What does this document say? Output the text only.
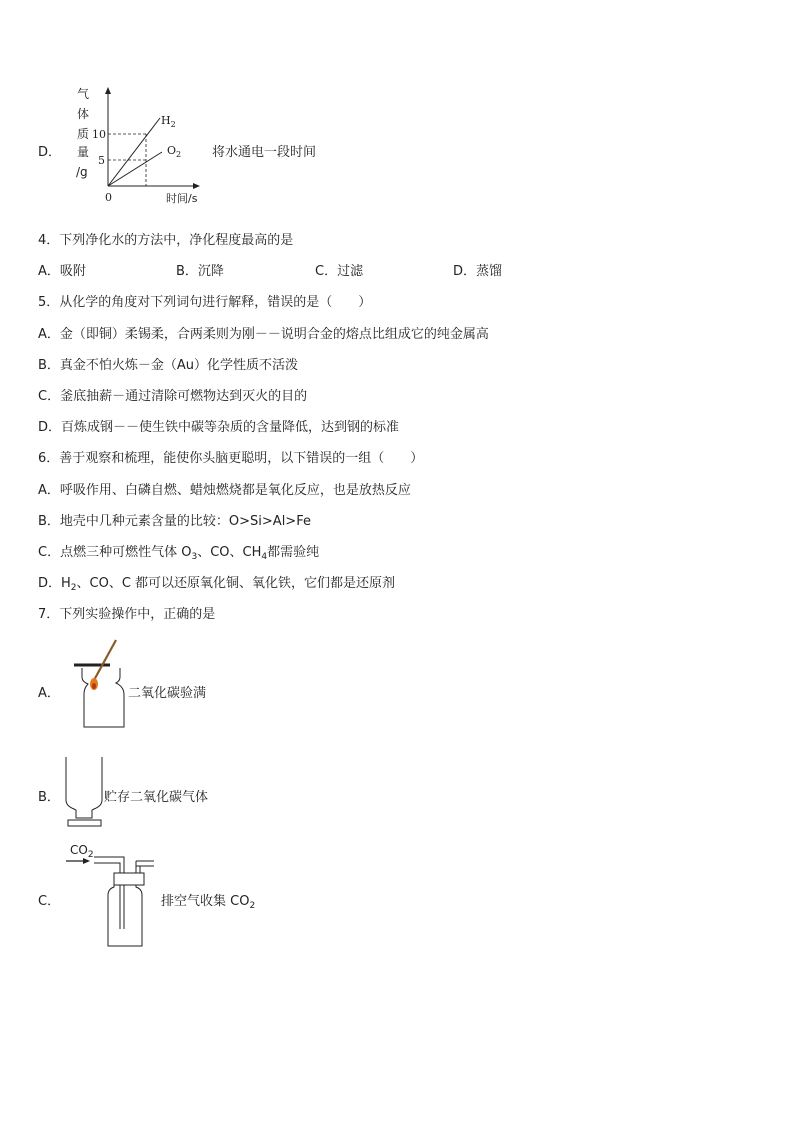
D．
气
体
质
量
/g
10
5
0	时间/s
$H_2$
$O_2$ 将水通电一段时间
4．下列净化水的方法中，净化程度最高的是
A．吸附	B．沉降	C．过滤	D．蒸馏
5．从化学的角度对下列词句进行解释，错误的是（　　）
A．金（即铜）柔锡柔，合两柔则为刚－－说明合金的熔点比组成它的纯金属高
B．真金不怕火炼－金（Au）化学性质不活泼
C．釜底抽薪－通过清除可燃物达到灭火的目的
D．百炼成钢－－使生铁中碳等杂质的含量降低，达到钢的标准
6．善于观察和梳理，能使你头脑更聪明，以下错误的一组（　　）
A．呼吸作用、白磷自燃、蜡烛燃烧都是氧化反应，也是放热反应
B．地壳中几种元素含量的比较：O>Si>Al>Fe
C．点燃三种可燃性气体 $O_3$、CO、$CH_4$都需验纯
D．$H_2$、CO、C 都可以还原氧化铜、氧化铁，它们都是还原剂
7．下列实验操作中，正确的是
A．	二氧化碳验满
B．	贮存二氧化碳气体
C．
$CO_2$
排空气收集 $CO_2$
